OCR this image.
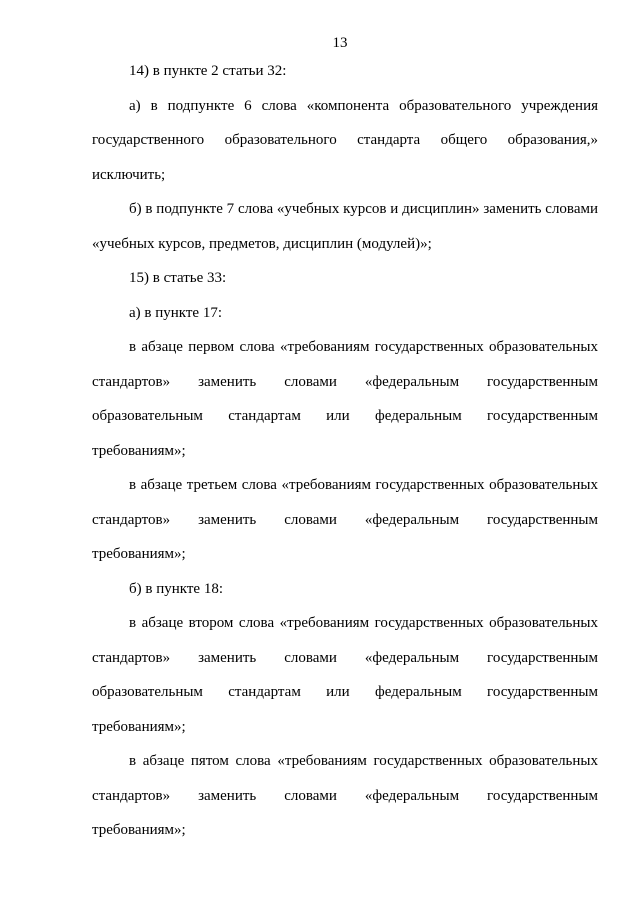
13

14) в пункте 2 статьи 32:

а) в подпункте 6 слова «компонента образовательного учреждения государственного образовательного стандарта общего образования,» исключить;

б) в подпункте 7 слова «учебных курсов и дисциплин» заменить словами «учебных курсов, предметов, дисциплин (модулей)»;

15) в статье 33:

а) в пункте 17:

в абзаце первом слова «требованиям государственных образовательных стандартов» заменить словами «федеральным государственным образовательным стандартам или федеральным государственным требованиям»;

в абзаце третьем слова «требованиям государственных образовательных стандартов» заменить словами «федеральным государственным требованиям»;

б) в пункте 18:

в абзаце втором слова «требованиям государственных образовательных стандартов» заменить словами «федеральным государственным образовательным стандартам или федеральным государственным требованиям»;

в абзаце пятом слова «требованиям государственных образовательных стандартов» заменить словами «федеральным государственным требованиям»;
